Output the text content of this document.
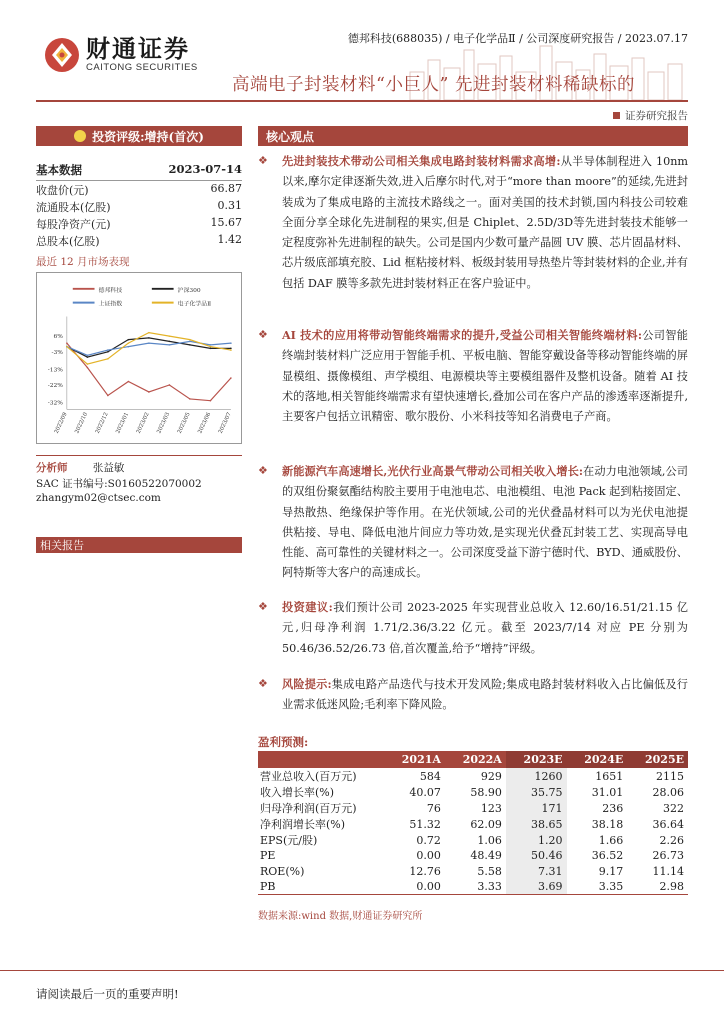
德邦科技(688035) / 电子化学品Ⅱ / 公司深度研究报告 / 2023.07.17
财通证券
CAITONG SECURITIES
高端电子封装材料“小巨人” 先进封装材料稀缺标的
证券研究报告
投资评级:增持(首次)
基本数据	2023-07-14
收盘价(元)	66.87
流通股本(亿股)	0.31
每股净资产(元)	15.67
总股本(亿股)	1.42
最近 12 月市场表现
德邦科技	沪深300
上证指数	电子化学品Ⅱ
6%
-3%
-13%
-22%
-32%
2022/09 2022/10 2022/12 2023/01 2023/02 2023/03 2023/05 2023/06 2023/07
分析师 张益敏
SAC 证书编号:S0160522070002
zhangym02@ctsec.com
相关报告
核心观点
❖	先进封装技术带动公司相关集成电路封装材料需求高增:从半导体制程进入 10nm 以来,摩尔定律逐渐失效,进入后摩尔时代,对于“more than moore”的延续,先进封装成为了集成电路的主流技术路线之一。面对美国的技术封锁,国内科技公司较难全面分享全球化先进制程的果实,但是 Chiplet、2.5D/3D等先进封装技术能够一定程度弥补先进制程的缺失。公司是国内少数可量产晶圆 UV 膜、芯片固晶材料、芯片级底部填充胶、Lid 框粘接材料、板级封装用导热垫片等封装材料的企业,并有包括 DAF 膜等多款先进封装材料正在客户验证中。
❖	AI 技术的应用将带动智能终端需求的提升,受益公司相关智能终端材料:公司智能终端封装材料广泛应用于智能手机、平板电脑、智能穿戴设备等移动智能终端的屏显模组、摄像模组、声学模组、电源模块等主要模组器件及整机设备。随着 AI 技术的落地,相关智能终端需求有望快速增长,叠加公司在客户产品的渗透率逐渐提升,主要客户包括立讯精密、歌尔股份、小米科技等知名消费电子产商。
❖	新能源汽车高速增长,光伏行业高景气带动公司相关收入增长:在动力电池领域,公司的双组份聚氨酯结构胶主要用于电池电芯、电池模组、电池 Pack 起到粘接固定、导热散热、绝缘保护等作用。在光伏领域,公司的光伏叠晶材料可以为光伏电池提供粘接、导电、降低电池片间应力等功效,是实现光伏叠瓦封装工艺、实现高导电性能、高可靠性的关键材料之一。公司深度受益下游宁德时代、BYD、通威股份、阿特斯等大客户的高速成长。
❖	投资建议:我们预计公司 2023-2025 年实现营业总收入 12.60/16.51/21.15 亿元,归母净利润 1.71/2.36/3.22 亿元。截至 2023/7/14 对应 PE 分别为 50.46/36.52/26.73 倍,首次覆盖,给予“增持”评级。
❖	风险提示:集成电路产品迭代与技术开发风险;集成电路封装材料收入占比偏低及行业需求低迷风险;毛利率下降风险。
盈利预测:
	2021A	2022A	2023E	2024E	2025E
营业总收入(百万元)	584	929	1260	1651	2115
收入增长率(%)	40.07	58.90	35.75	31.01	28.06
归母净利润(百万元)	76	123	171	236	322
净利润增长率(%)	51.32	62.09	38.65	38.18	36.64
EPS(元/股)	0.72	1.06	1.20	1.66	2.26
PE	0.00	48.49	50.46	36.52	26.73
ROE(%)	12.76	5.58	7.31	9.17	11.14
PB	0.00	3.33	3.69	3.35	2.98
数据来源:wind 数据,财通证券研究所
请阅读最后一页的重要声明!
